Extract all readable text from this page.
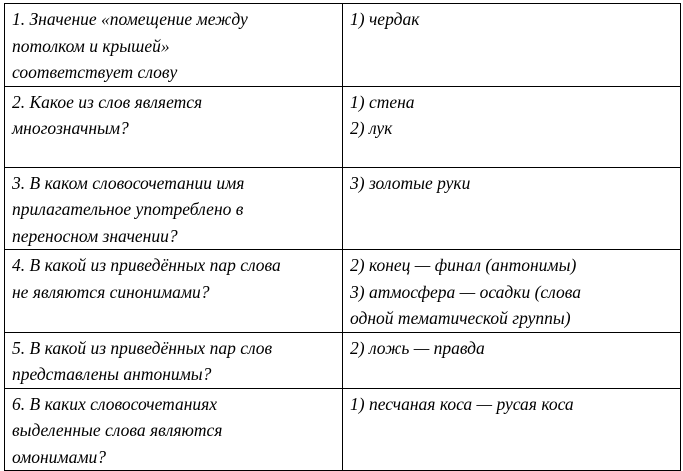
1. Значение «помещение между
потолком и крышей»
соответствует слову	1) чердак

2. Какое из слов является
многозначным?	1) стена
2) лук

3. В каком словосочетании имя
прилагательное употреблено в
переносном значении?	3) золотые руки

4. В какой из приведённых пар слова
не являются синонимами?	2) конец — финал (антонимы)
3) атмосфера — осадки (слова
одной тематической группы)

5. В какой из приведённых пар слов
представлены антонимы?	2) ложь — правда

6. В каких словосочетаниях
выделенные слова являются
омонимами?	1) песчаная коса — русая коса
